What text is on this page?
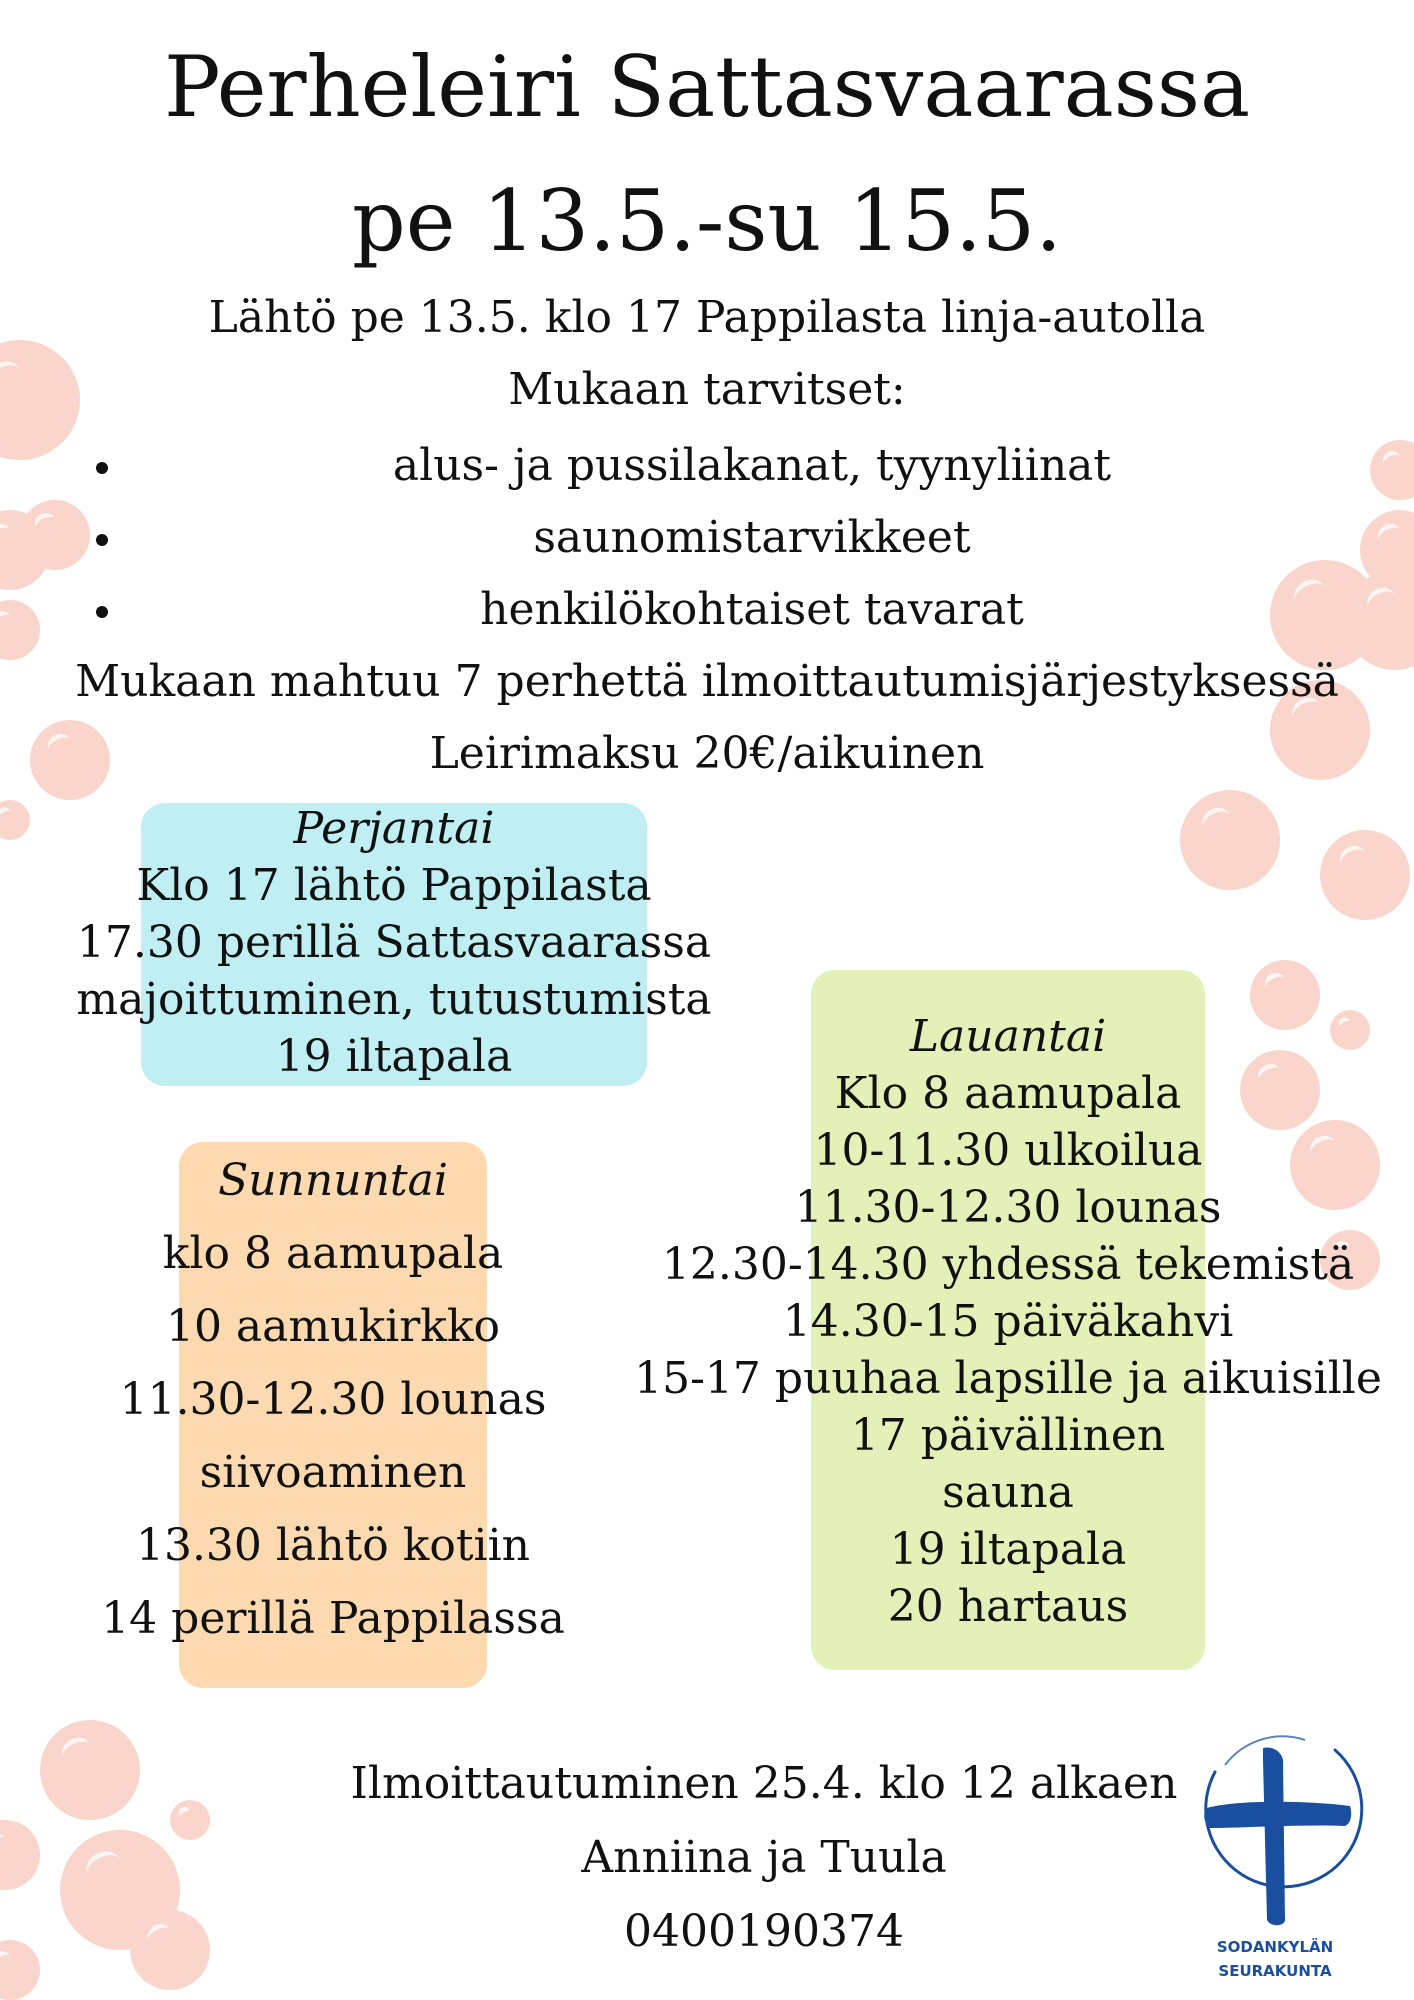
Perheleiri Sattasvaarassa
pe 13.5.-su 15.5.
Lähtö pe 13.5. klo 17 Pappilasta linja-autolla
Mukaan tarvitset:
alus- ja pussilakanat, tyynyliinat
saunomistarvikkeet
henkilökohtaiset tavarat
Mukaan mahtuu 7 perhettä ilmoittautumisjärjestyksessä
Leirimaksu 20€/aikuinen
Perjantai
Klo 17 lähtö Pappilasta
17.30 perillä Sattasvaarassa
majoittuminen, tutustumista
19 iltapala	Lauantai
Klo 8 aamupala
10-11.30 ulkoilua
11.30-12.30 lounas
12.30-14.30 yhdessä tekemistä
14.30-15 päiväkahvi
15-17 puuhaa lapsille ja aikuisille
17 päivällinen
sauna
19 iltapala
20 hartaus
Sunnuntai
klo 8 aamupala
10 aamukirkko
11.30-12.30 lounas
siivoaminen
13.30 lähtö kotiin
14 perillä Pappilassa
Ilmoittautuminen 25.4. klo 12 alkaen
Anniina ja Tuula
0400190374	SODANKYLÄN
SEURAKUNTA
